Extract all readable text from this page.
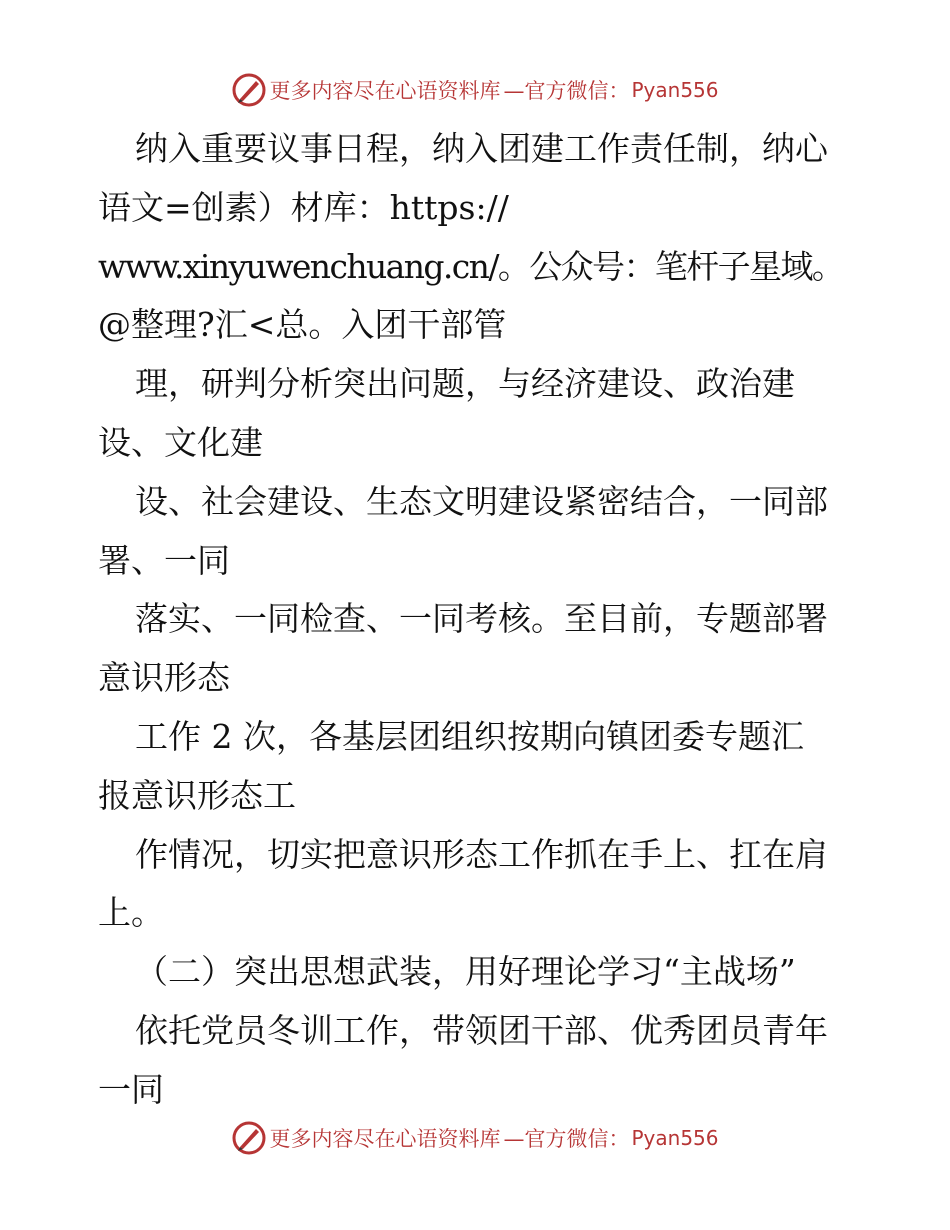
更多内容尽在心语资料库 —官方微信： Pyan556
纳入重要议事日程，纳入团建工作责任制，纳心
语文=创素）材库：https://
www.xinyuwenchuang.cn/。公众号：笔杆子星域。
@整理?汇<总。入团干部管
理，研判分析突出问题，与经济建设、政治建
设、文化建
设、社会建设、生态文明建设紧密结合，一同部
署、一同
落实、一同检查、一同考核。至目前，专题部署
意识形态
工作 2 次，各基层团组织按期向镇团委专题汇
报意识形态工
作情况，切实把意识形态工作抓在手上、扛在肩
上。
（二）突出思想武装，用好理论学习“主战场”
依托党员冬训工作，带领团干部、优秀团员青年
一同
更多内容尽在心语资料库 —官方微信： Pyan556
